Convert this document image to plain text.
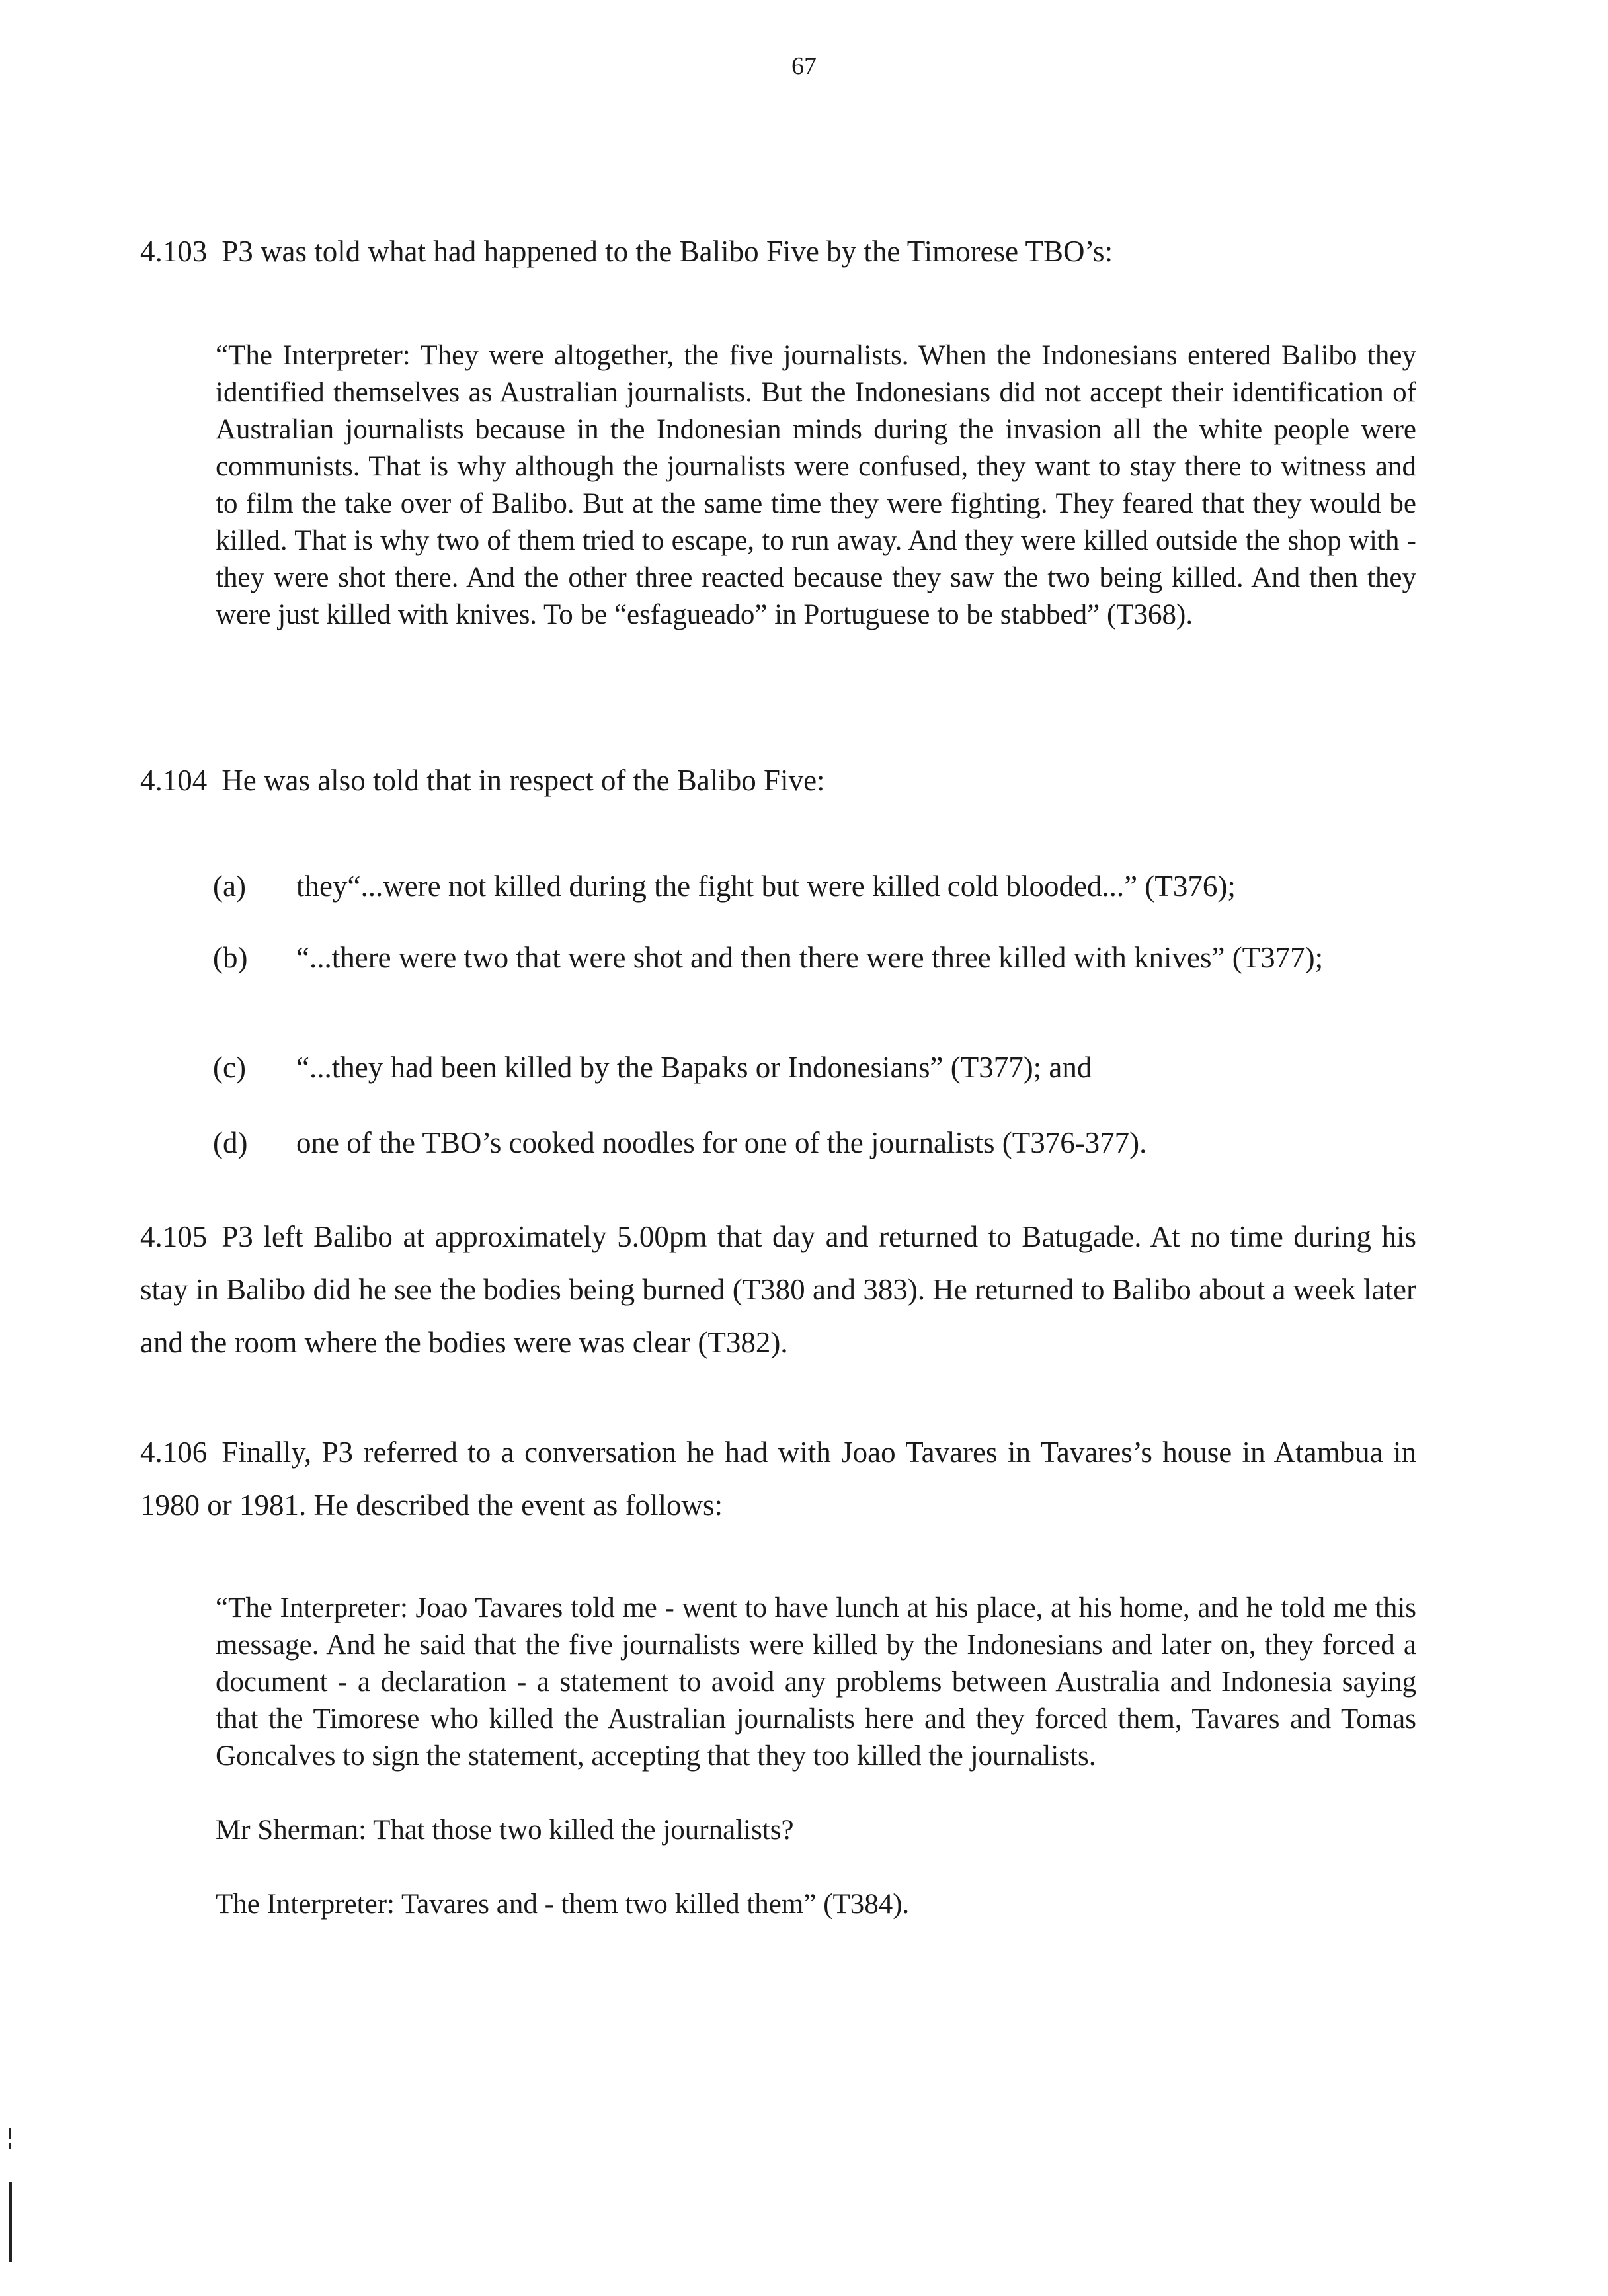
67
4.103 P3 was told what had happened to the Balibo Five by the Timorese TBO’s:
“The Interpreter: They were altogether, the five journalists. When the Indonesians entered Balibo they identified themselves as Australian journalists. But the Indonesians did not accept their identification of Australian journalists because in the Indonesian minds during the invasion all the white people were communists. That is why although the journalists were confused, they want to stay there to witness and to film the take over of Balibo. But at the same time they were fighting. They feared that they would be killed. That is why two of them tried to escape, to run away. And they were killed outside the shop with - they were shot there. And the other three reacted because they saw the two being killed. And then they were just killed with knives. To be “esfagueado” in Portuguese to be stabbed” (T368).
4.104 He was also told that in respect of the Balibo Five:
(a) they“...were not killed during the fight but were killed cold blooded...” (T376);
(b) “...there were two that were shot and then there were three killed with knives” (T377);
(c) “...they had been killed by the Bapaks or Indonesians” (T377); and
(d) one of the TBO’s cooked noodles for one of the journalists (T376-377).
4.105 P3 left Balibo at approximately 5.00pm that day and returned to Batugade. At no time during his stay in Balibo did he see the bodies being burned (T380 and 383). He returned to Balibo about a week later and the room where the bodies were was clear (T382).
4.106 Finally, P3 referred to a conversation he had with Joao Tavares in Tavares’s house in Atambua in 1980 or 1981. He described the event as follows:
“The Interpreter: Joao Tavares told me - went to have lunch at his place, at his home, and he told me this message. And he said that the five journalists were killed by the Indonesians and later on, they forced a document - a declaration - a statement to avoid any problems between Australia and Indonesia saying that the Timorese who killed the Australian journalists here and they forced them, Tavares and Tomas Goncalves to sign the statement, accepting that they too killed the journalists.
Mr Sherman: That those two killed the journalists?
The Interpreter: Tavares and - them two killed them” (T384).
